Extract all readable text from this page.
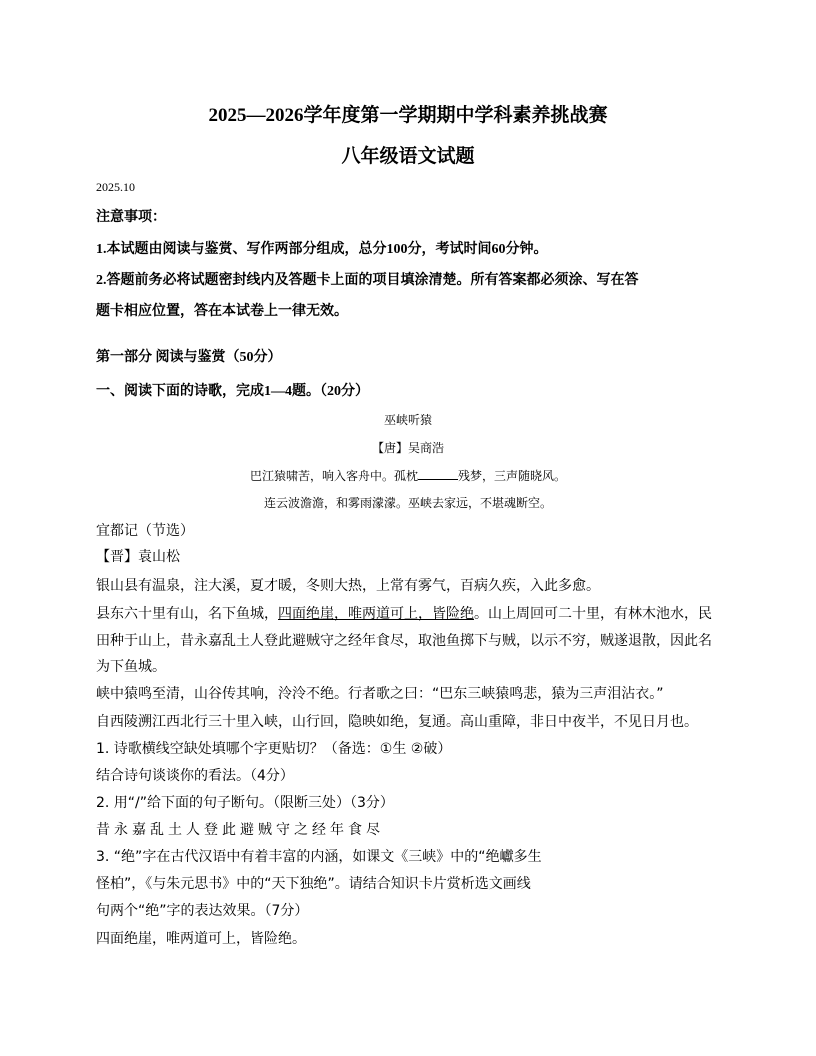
2025—2026学年度第一学期期中学科素养挑战赛
八年级语文试题
2025.10
注意事项：
1.本试题由阅读与鉴赏、写作两部分组成，总分100分，考试时间60分钟。
2.答题前务必将试题密封线内及答题卡上面的项目填涂清楚。所有答案都必须涂、写在答
题卡相应位置，答在本试卷上一律无效。
第一部分 阅读与鉴赏（50分）
一、阅读下面的诗歌，完成1—4题。（20分）
巫峡听猿
【唐】吴商浩
巴江猿啸苦，响入客舟中。孤枕	残梦，三声随晓风。
连云波澹澹，和雾雨濛濛。巫峡去家远，不堪魂断空。
宜都记（节选）
【晋】袁山松
银山县有温泉，注大溪，夏才暖，冬则大热，上常有雾气，百病久疾，入此多愈。
县东六十里有山，名下鱼城，四面绝崖，唯两道可上，皆险绝。山上周回可二十里，有林木池水，民
田种于山上，昔永嘉乱土人登此避贼守之经年食尽，取池鱼掷下与贼，以示不穷，贼遂退散，因此名
为下鱼城。
峡中猿鸣至清，山谷传其响，泠泠不绝。行者歌之曰：“巴东三峡猿鸣悲，猿为三声泪沾衣。”
自西陵溯江西北行三十里入峡，山行回，隐映如绝，复通。高山重障，非日中夜半，不见日月也。
1. 诗歌横线空缺处填哪个字更贴切？（备选：①生 ②破）
结合诗句谈谈你的看法。（4分）
2. 用“/”给下面的句子断句。（限断三处）（3分）
昔永嘉乱土人登此避贼守之经年食尽
3. “绝”字在古代汉语中有着丰富的内涵，如课文《三峡》中的“绝巘多生
怪柏”，《与朱元思书》中的“天下独绝”。请结合知识卡片赏析选文画线
句两个“绝”字的表达效果。（7分）
四面绝崖，唯两道可上，皆险绝。
